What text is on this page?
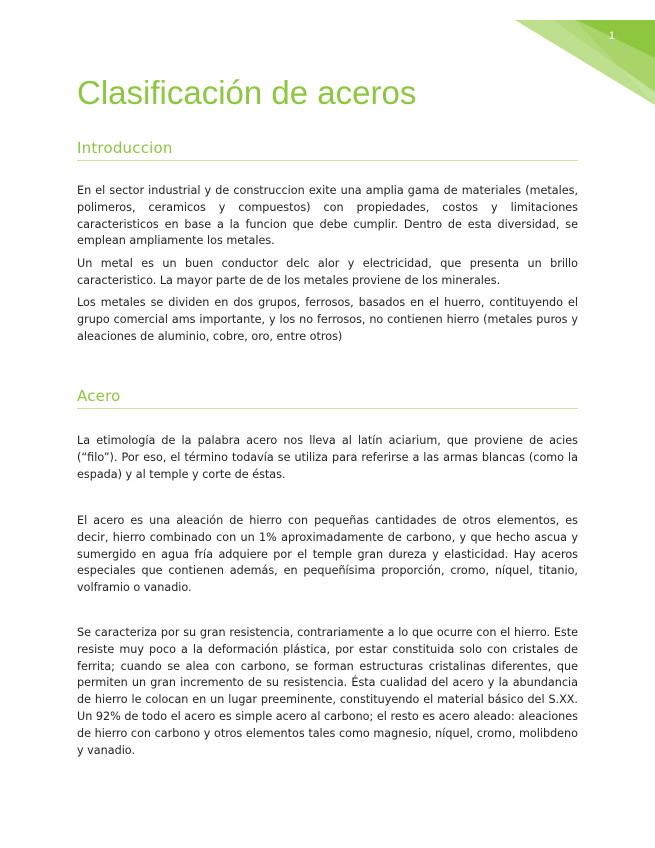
1
Clasificación de aceros
Introduccion

En el sector industrial y de construccion exite una amplia gama de materiales (metales, polimeros, ceramicos y compuestos) con propiedades, costos y limitaciones caracteristicos en base a la funcion que debe cumplir. Dentro de esta diversidad, se emplean ampliamente los metales.

Un metal es un buen conductor delc alor y electricidad, que presenta un brillo caracteristico. La mayor parte de de los metales proviene de los minerales.

Los metales se dividen en dos grupos, ferrosos, basados en el huerro, contituyendo el grupo comercial ams importante, y los no ferrosos, no contienen hierro (metales puros y aleaciones de aluminio, cobre, oro, entre otros)

Acero

La etimología de la palabra acero nos lleva al latín aciarium, que proviene de acies (“filo”). Por eso, el término todavía se utiliza para referirse a las armas blancas (como la espada) y al temple y corte de éstas.

El acero es una aleación de hierro con pequeñas cantidades de otros elementos, es decir, hierro combinado con un 1% aproximadamente de carbono, y que hecho ascua y sumergido en agua fría adquiere por el temple gran dureza y elasticidad. Hay aceros especiales que contienen además, en pequeñísima proporción, cromo, níquel, titanio, volframio o vanadio.

Se caracteriza por su gran resistencia, contrariamente a lo que ocurre con el hierro. Este resiste muy poco a la deformación plástica, por estar constituida solo con cristales de ferrita; cuando se alea con carbono, se forman estructuras cristalinas diferentes, que permiten un gran incremento de su resistencia. Ésta cualidad del acero y la abundancia de hierro le colocan en un lugar preeminente, constituyendo el material básico del S.XX. Un 92% de todo el acero es simple acero al carbono; el resto es acero aleado: aleaciones de hierro con carbono y otros elementos tales como magnesio, níquel, cromo, molibdeno y vanadio.
